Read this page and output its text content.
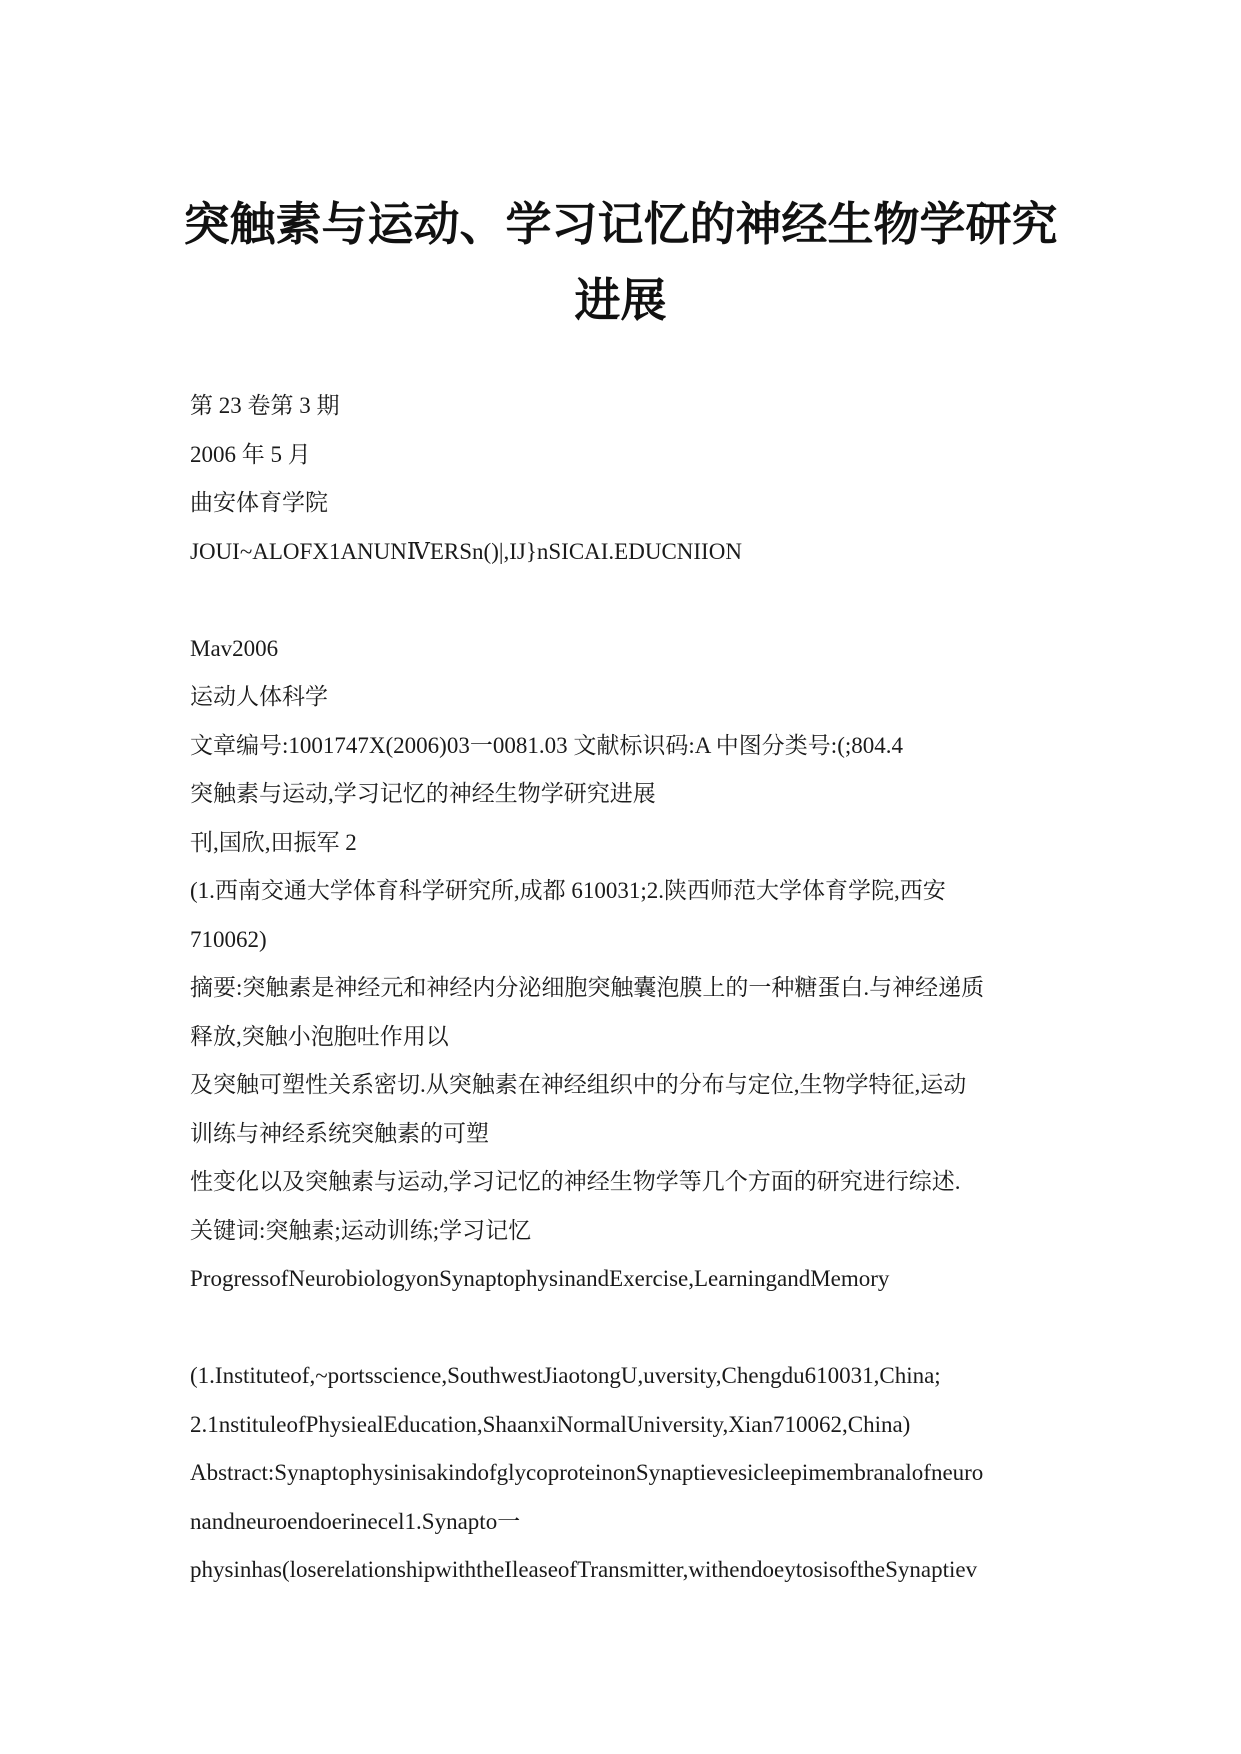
突触素与运动、学习记忆的神经生物学研究
进展
第 23 卷第 3 期
2006 年 5 月
曲安体育学院
JOUI~ALOFX1ANUNⅣERSn()|,IJ}nSICAI.EDUCNIION
Mav2006
运动人体科学
文章编号:1001747X(2006)03一0081.03 文献标识码:A 中图分类号:(;804.4
突触素与运动,学习记忆的神经生物学研究进展
刊,国欣,田振军 2
(1.西南交通大学体育科学研究所,成都 610031;2.陕西师范大学体育学院,西安
710062)
摘要:突触素是神经元和神经内分泌细胞突触囊泡膜上的一种糖蛋白.与神经递质
释放,突触小泡胞吐作用以
及突触可塑性关系密切.从突触素在神经组织中的分布与定位,生物学特征,运动
训练与神经系统突触素的可塑
性变化以及突触素与运动,学习记忆的神经生物学等几个方面的研究进行综述.
关键词:突触素;运动训练;学习记忆
ProgressofNeurobiologyonSynaptophysinandExercise,LearningandMemory
(1.Instituteof,~portsscience,SouthwestJiaotongU,uversity,Chengdu610031,China;
2.1nstituleofPhysiealEducation,ShaanxiNormalUniversity,Xian710062,China)
Abstract:SynaptophysinisakindofglycoproteinonSynaptievesicleepimembranalofneuro
nandneuroendoerinecel1.Synapto一
physinhas(loserelationshipwiththeIleaseofTransmitter,withendoeytosisoftheSynaptiev
